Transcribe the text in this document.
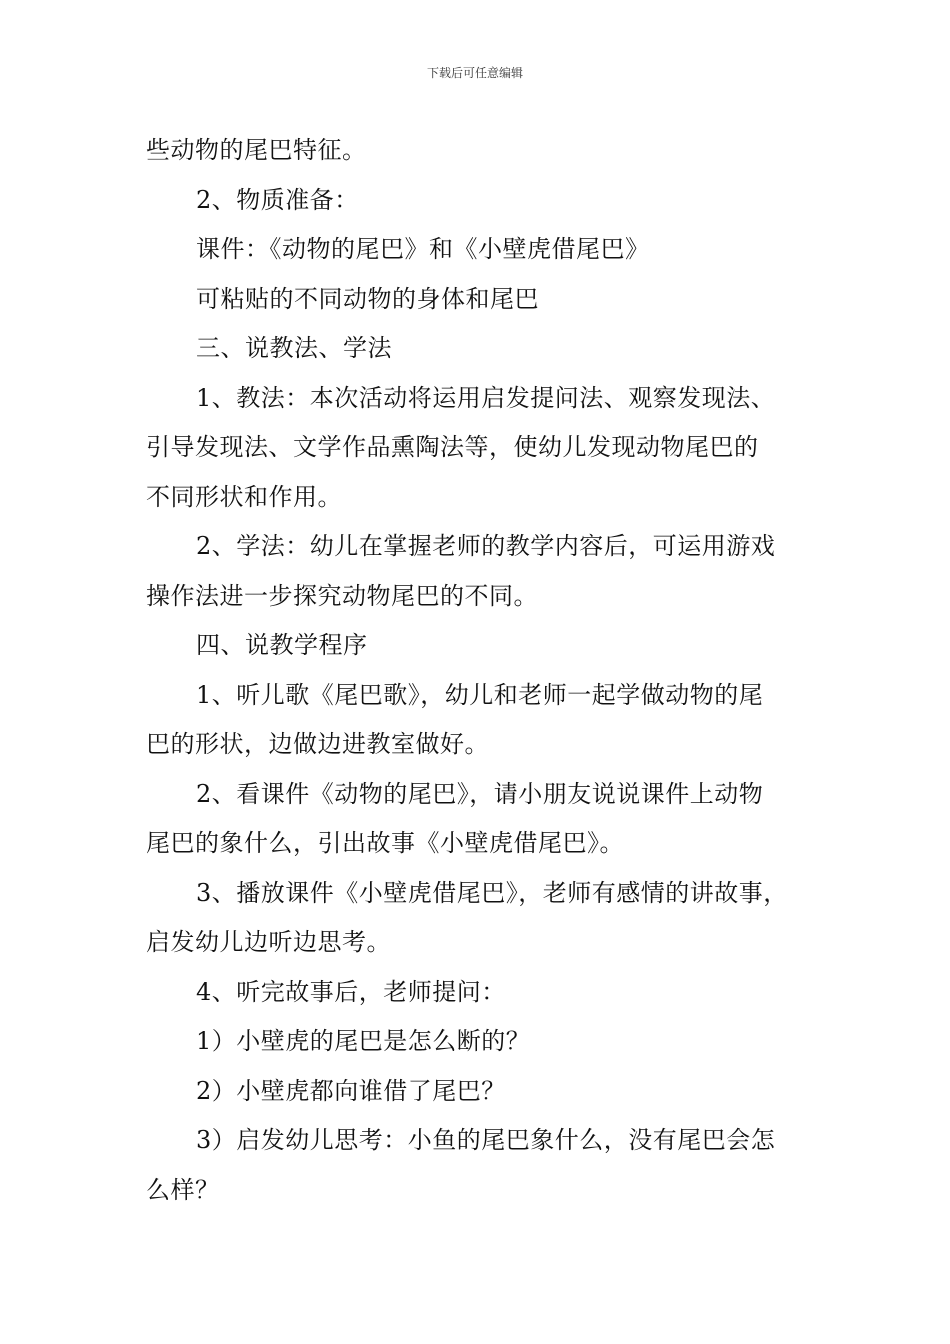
下载后可任意编辑
些动物的尾巴特征。
2、物质准备：
课件：《动物的尾巴》和《小壁虎借尾巴》
可粘贴的不同动物的身体和尾巴
三、说教法、学法
1、教法：本次活动将运用启发提问法、观察发现法、
引导发现法、文学作品熏陶法等，使幼儿发现动物尾巴的
不同形状和作用。
2、学法：幼儿在掌握老师的教学内容后，可运用游戏
操作法进一步探究动物尾巴的不同。
四、说教学程序
1、听儿歌《尾巴歌》，幼儿和老师一起学做动物的尾
巴的形状，边做边进教室做好。
2、看课件《动物的尾巴》，请小朋友说说课件上动物
尾巴的象什么，引出故事《小壁虎借尾巴》。
3、播放课件《小壁虎借尾巴》，老师有感情的讲故事，
启发幼儿边听边思考。
4、听完故事后，老师提问：
1）小壁虎的尾巴是怎么断的？
2）小壁虎都向谁借了尾巴？
3）启发幼儿思考：小鱼的尾巴象什么，没有尾巴会怎
么样？
